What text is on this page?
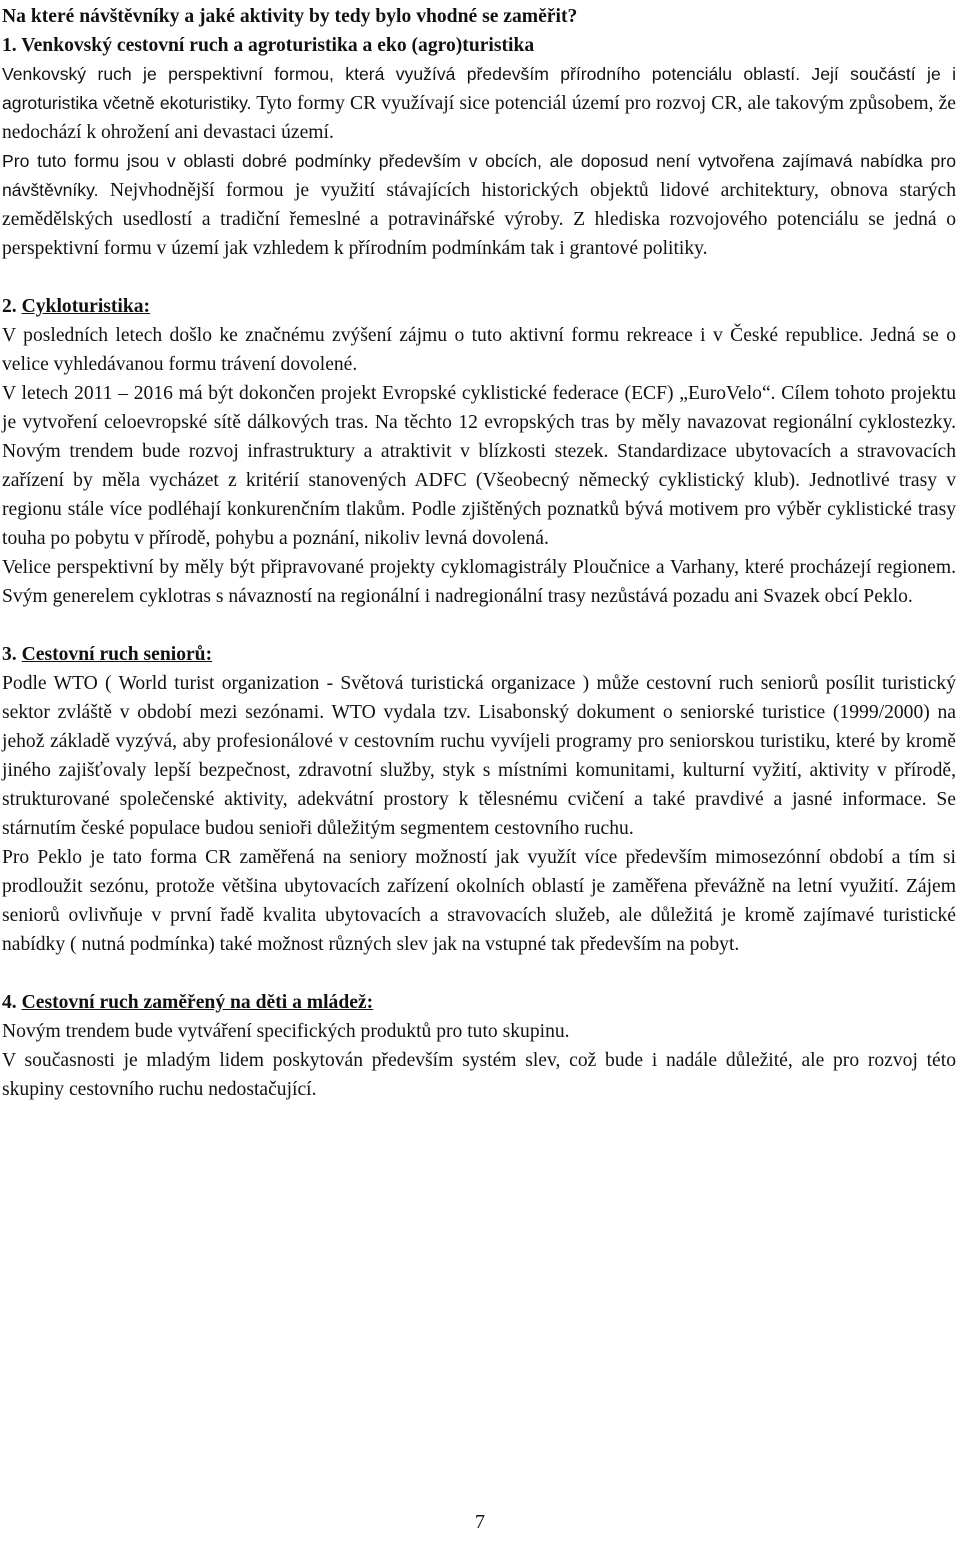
Na které návštěvníky a jaké aktivity by tedy bylo vhodné se zaměřit?

1. Venkovský cestovní ruch a agroturistika a eko (agro)turistika

Venkovský ruch je perspektivní formou, která využívá především přírodního potenciálu oblastí. Její součástí je i agroturistika včetně ekoturistiky. Tyto formy CR využívají sice potenciál území pro rozvoj CR, ale takovým způsobem, že nedochází k ohrožení ani devastaci území.

Pro tuto formu jsou v oblasti dobré podmínky především v obcích, ale doposud není vytvořena zajímavá nabídka pro návštěvníky. Nejvhodnější formou je využití stávajících historických objektů lidové architektury, obnova starých zemědělských usedlostí a tradiční řemeslné a potravinářské výroby. Z hlediska rozvojového potenciálu se jedná o perspektivní formu v území jak vzhledem k přírodním podmínkám tak i grantové politiky.

2. Cykloturistika:

V posledních letech došlo ke značnému zvýšení zájmu o tuto aktivní formu rekreace i v České republice. Jedná se o velice vyhledávanou formu trávení dovolené.

V letech 2011 – 2016 má být dokončen projekt Evropské cyklistické federace (ECF) „EuroVelo“. Cílem tohoto projektu je vytvoření celoevropské sítě dálkových tras. Na těchto 12 evropských tras by měly navazovat regionální cyklostezky. Novým trendem bude rozvoj infrastruktury a atraktivit v blízkosti stezek. Standardizace ubytovacích a stravovacích zařízení by měla vycházet z kritérií stanovených ADFC (Všeobecný německý cyklistický klub). Jednotlivé trasy v regionu stále více podléhají konkurenčním tlakům. Podle zjištěných poznatků bývá motivem pro výběr cyklistické trasy touha po pobytu v přírodě, pohybu a poznání, nikoliv levná dovolená.

Velice perspektivní by měly být připravované projekty cyklomagistrály Ploučnice a Varhany, které procházejí regionem. Svým generelem cyklotras s návazností na regionální i nadregionální trasy nezůstává pozadu ani Svazek obcí Peklo.

3. Cestovní ruch seniorů:

Podle WTO ( World turist organization - Světová turistická organizace ) může cestovní ruch seniorů posílit turistický sektor zvláště v období mezi sezónami. WTO vydala tzv. Lisabonský dokument o seniorské turistice (1999/2000) na jehož základě vyzývá, aby profesionálové v cestovním ruchu vyvíjeli programy pro seniorskou turistiku, které by kromě jiného zajišťovaly lepší bezpečnost, zdravotní služby, styk s místními komunitami, kulturní vyžití, aktivity v přírodě, strukturované společenské aktivity, adekvátní prostory k tělesnému cvičení a také pravdivé a jasné informace. Se stárnutím české populace budou senioři důležitým segmentem cestovního ruchu.

Pro Peklo je tato forma CR zaměřená na seniory možností jak využít více především mimosezónní období a tím si prodloužit sezónu, protože většina ubytovacích zařízení okolních oblastí je zaměřena převážně na letní využití. Zájem seniorů ovlivňuje v první řadě kvalita ubytovacích a stravovacích služeb, ale důležitá je kromě zajímavé turistické nabídky ( nutná podmínka) také možnost různých slev jak na vstupné tak především na pobyt.

4. Cestovní ruch zaměřený na děti a mládež:

Novým trendem bude vytváření specifických produktů pro tuto skupinu.

V současnosti je mladým lidem poskytován především systém slev, což bude i nadále důležité, ale pro rozvoj této skupiny cestovního ruchu nedostačující.

7
